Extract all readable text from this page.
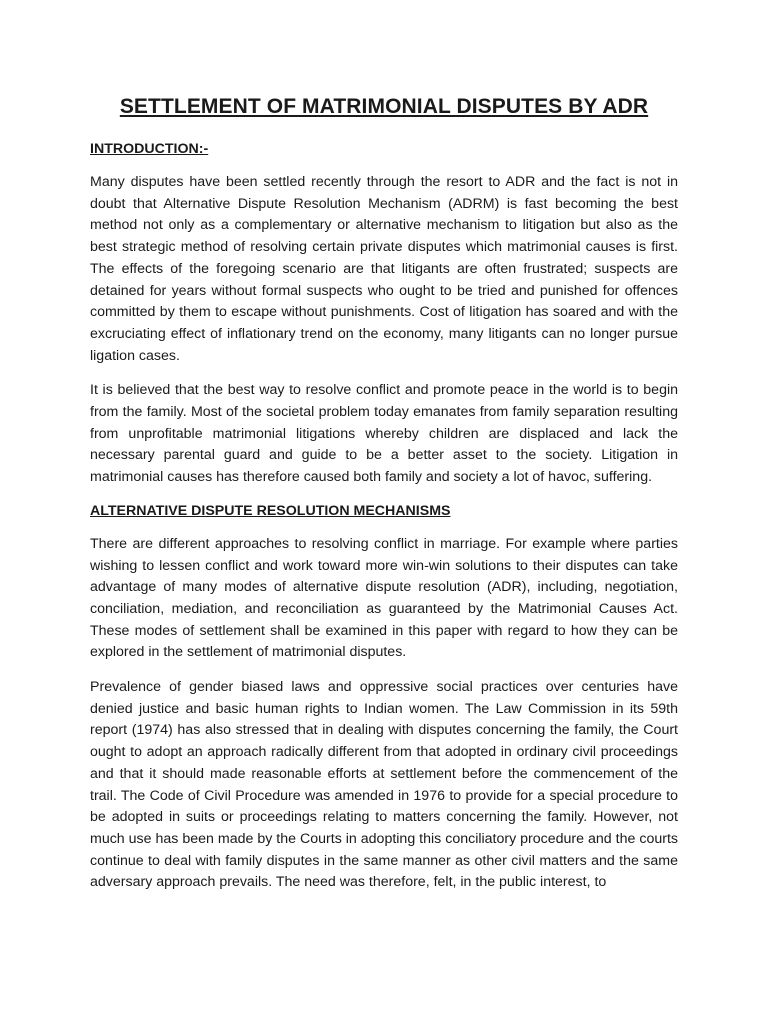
SETTLEMENT OF MATRIMONIAL DISPUTES BY ADR
INTRODUCTION:-

Many disputes have been settled recently through the resort to ADR and the fact is not in doubt that Alternative Dispute Resolution Mechanism (ADRM) is fast becoming the best method not only as a complementary or alternative mechanism to litigation but also as the best strategic method of resolving certain private disputes which matrimonial causes is first. The effects of the foregoing scenario are that litigants are often frustrated; suspects are detained for years without formal suspects who ought to be tried and punished for offences committed by them to escape without punishments. Cost of litigation has soared and with the excruciating effect of inflationary trend on the economy, many litigants can no longer pursue ligation cases.

It is believed that the best way to resolve conflict and promote peace in the world is to begin from the family. Most of the societal problem today emanates from family separation resulting from unprofitable matrimonial litigations whereby children are displaced and lack the necessary parental guard and guide to be a better asset to the society. Litigation in matrimonial causes has therefore caused both family and society a lot of havoc, suffering.

ALTERNATIVE DISPUTE RESOLUTION MECHANISMS

There are different approaches to resolving conflict in marriage. For example where parties wishing to lessen conflict and work toward more win-win solutions to their disputes can take advantage of many modes of alternative dispute resolution (ADR), including, negotiation, conciliation, mediation, and reconciliation as guaranteed by the Matrimonial Causes Act. These modes of settlement shall be examined in this paper with regard to how they can be explored in the settlement of matrimonial disputes.

Prevalence of gender biased laws and oppressive social practices over centuries have denied justice and basic human rights to Indian women. The Law Commission in its 59th report (1974) has also stressed that in dealing with disputes concerning the family, the Court ought to adopt an approach radically different from that adopted in ordinary civil proceedings and that it should made reasonable efforts at settlement before the commencement of the trail. The Code of Civil Procedure was amended in 1976 to provide for a special procedure to be adopted in suits or proceedings relating to matters concerning the family. However, not much use has been made by the Courts in adopting this conciliatory procedure and the courts continue to deal with family disputes in the same manner as other civil matters and the same adversary approach prevails. The need was therefore, felt, in the public interest, to
